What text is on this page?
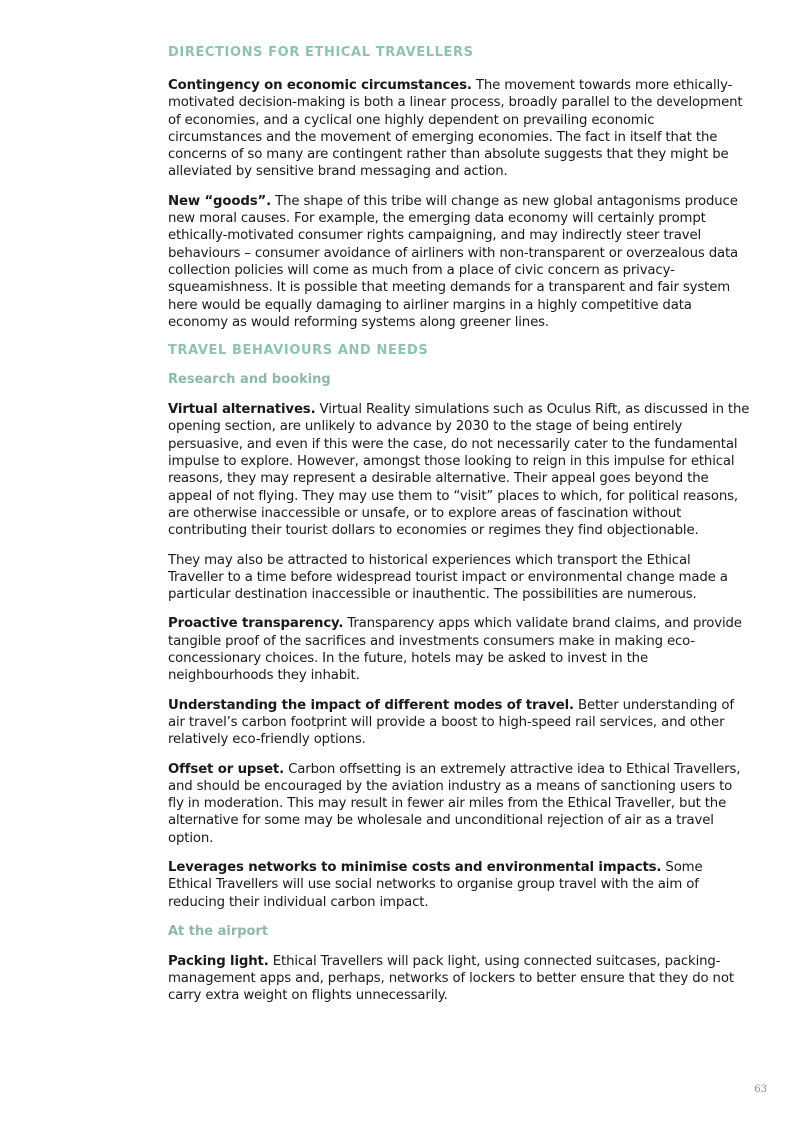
DIRECTIONS FOR ETHICAL TRAVELLERS

Contingency on economic circumstances. The movement towards more ethically-motivated decision-making is both a linear process, broadly parallel to the development of economies, and a cyclical one highly dependent on prevailing economic circumstances and the movement of emerging economies. The fact in itself that the concerns of so many are contingent rather than absolute suggests that they might be alleviated by sensitive brand messaging and action.

New “goods”. The shape of this tribe will change as new global antagonisms produce new moral causes. For example, the emerging data economy will certainly prompt ethically-motivated consumer rights campaigning, and may indirectly steer travel behaviours – consumer avoidance of airliners with non-transparent or overzealous data collection policies will come as much from a place of civic concern as privacy-squeamishness. It is possible that meeting demands for a transparent and fair system here would be equally damaging to airliner margins in a highly competitive data economy as would reforming systems along greener lines.

TRAVEL BEHAVIOURS AND NEEDS
Research and booking

Virtual alternatives. Virtual Reality simulations such as Oculus Rift, as discussed in the opening section, are unlikely to advance by 2030 to the stage of being entirely persuasive, and even if this were the case, do not necessarily cater to the fundamental impulse to explore. However, amongst those looking to reign in this impulse for ethical reasons, they may represent a desirable alternative. Their appeal goes beyond the appeal of not flying. They may use them to “visit” places to which, for political reasons, are otherwise inaccessible or unsafe, or to explore areas of fascination without contributing their tourist dollars to economies or regimes they find objectionable.

They may also be attracted to historical experiences which transport the Ethical Traveller to a time before widespread tourist impact or environmental change made a particular destination inaccessible or inauthentic. The possibilities are numerous.

Proactive transparency. Transparency apps which validate brand claims, and provide tangible proof of the sacrifices and investments consumers make in making eco-concessionary choices. In the future, hotels may be asked to invest in the neighbourhoods they inhabit.

Understanding the impact of different modes of travel. Better understanding of air travel’s carbon footprint will provide a boost to high-speed rail services, and other relatively eco-friendly options.

Offset or upset. Carbon offsetting is an extremely attractive idea to Ethical Travellers, and should be encouraged by the aviation industry as a means of sanctioning users to fly in moderation. This may result in fewer air miles from the Ethical Traveller, but the alternative for some may be wholesale and unconditional rejection of air as a travel option.

Leverages networks to minimise costs and environmental impacts. Some Ethical Travellers will use social networks to organise group travel with the aim of reducing their individual carbon impact.

At the airport

Packing light. Ethical Travellers will pack light, using connected suitcases, packing-management apps and, perhaps, networks of lockers to better ensure that they do not carry extra weight on flights unnecessarily.

63
